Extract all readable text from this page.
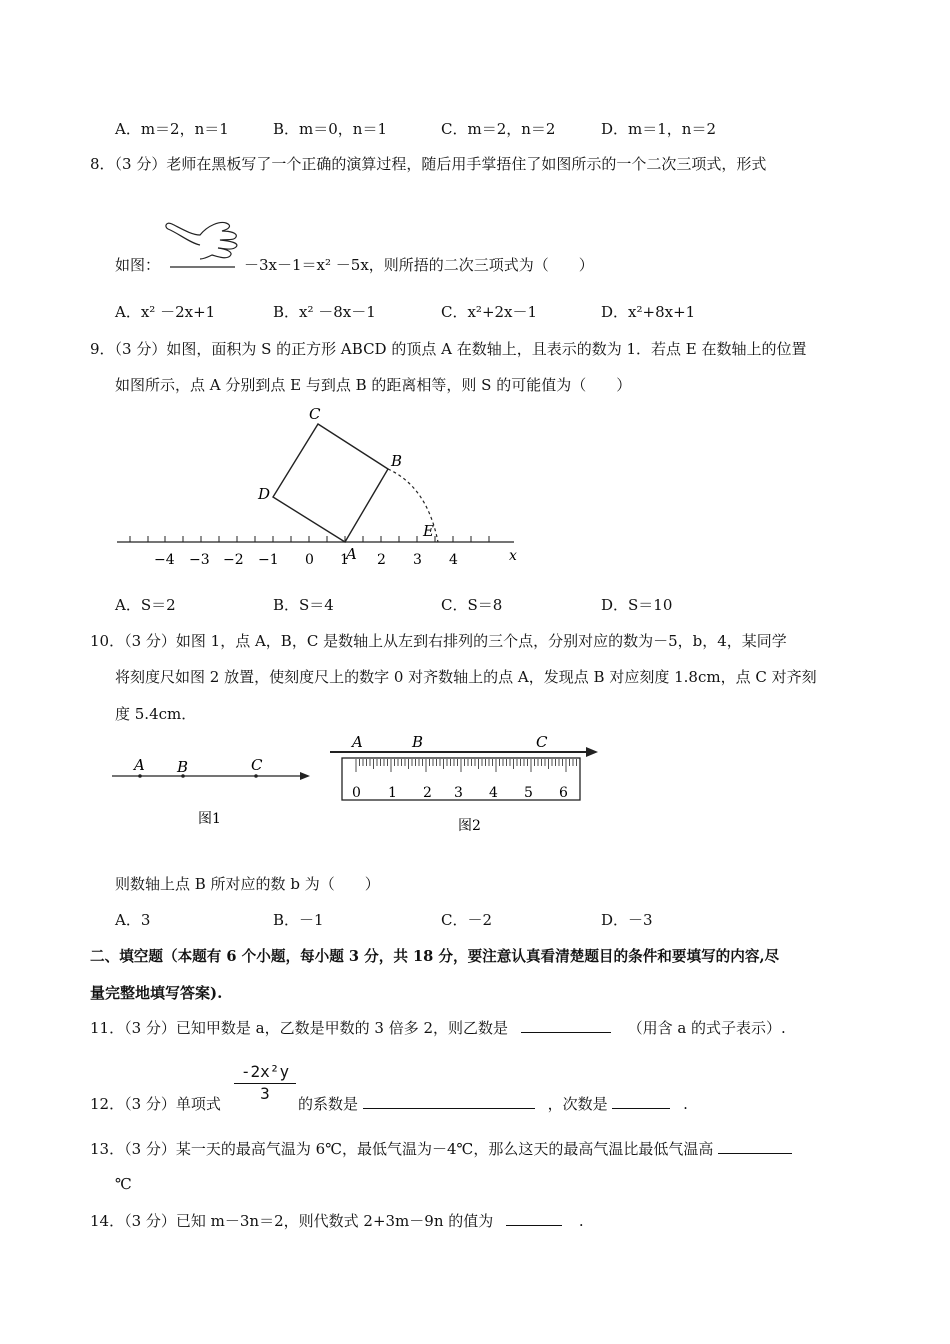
A．m＝2，n＝1	B．m＝0，n＝1	C．m＝2，n＝2	D．m＝1，n＝2
8．（3 分）老师在黑板写了一个正确的演算过程，随后用手掌捂住了如图所示的一个二次三项式，形式
如图：	－3x－1＝x² －5x，则所捂的二次三项式为（　　）
A．x² －2x+1	B．x² －8x－1	C．x²+2x－1	D．x²+8x+1
9．（3 分）如图，面积为 S 的正方形 ABCD 的顶点 A 在数轴上，且表示的数为 1．若点 E 在数轴上的位置
如图所示，点 A 分别到点 E 与到点 B 的距离相等，则 S 的可能值为（　　）
x
−4 −3 −2 −1 0 1 2 3 4
C
B
D
E
A
A．S＝2	B．S＝4	C．S＝8	D．S＝10
10．（3 分）如图 1，点 A，B，C 是数轴上从左到右排列的三个点，分别对应的数为－5，b，4，某同学
将刻度尺如图 2 放置，使刻度尺上的数字 0 对齐数轴上的点 A，发现点 B 对应刻度 1.8cm，点 C 对齐刻
度 5.4cm．
A B	C
图1
A	B	C
0 1 2 3 4 5 6
图2
则数轴上点 B 所对应的数 b 为（　　）
A．3	B．－1	C．－2	D．－3
二、填空题（本题有 6 个小题，每小题 3 分，共 18 分，要注意认真看清楚题目的条件和要填写的内容,尽
量完整地填写答案).
11．（3 分）已知甲数是 a，乙数是甲数的 3 倍多 2，则乙数是	（用含 a 的式子表示）.
12．（3 分）单项式
$\frac{\text{-2x²y}}{3}$
的系数是	，次数是	.
13．（3 分）某一天的最高气温为 6℃，最低气温为－4℃，那么这天的最高气温比最低气温高
℃
14．（3 分）已知 m－3n＝2，则代数式 2+3m－9n 的值为	.
